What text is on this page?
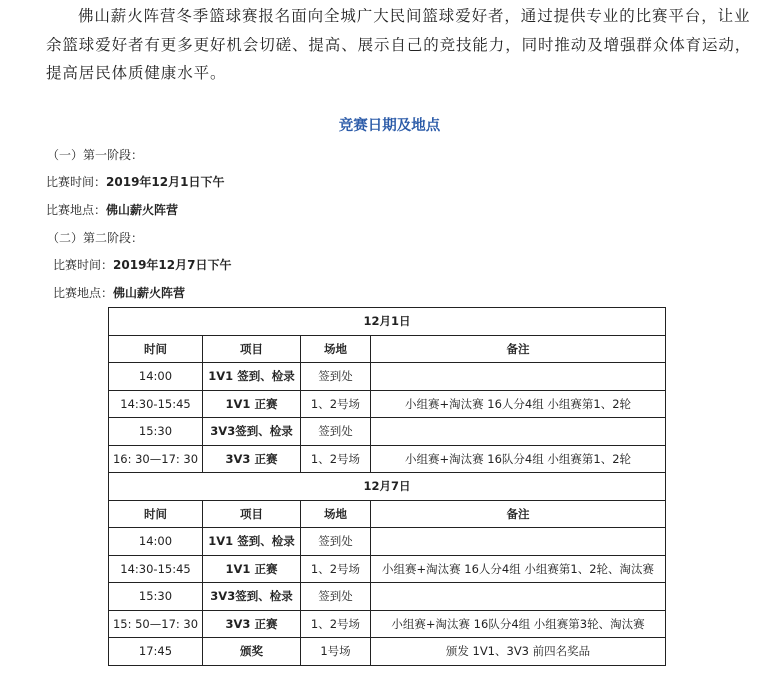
佛山薪火阵营冬季篮球赛报名面向全城广大民间篮球爱好者，通过提供专业的比赛平台，让业余篮球爱好者有更多更好机会切磋、提高、展示自己的竞技能力，同时推动及增强群众体育运动，提高居民体质健康水平。

竞赛日期及地点
（一）第一阶段：
比赛时间：2019年12月1日下午
比赛地点：佛山薪火阵营
（二）第二阶段：
比赛时间：2019年12月7日下午
比赛地点：佛山薪火阵营
12月1日			
时间	项目	场地	备注
14:00	1V1 签到、检录	签到处	
14:30-15:45	1V1 正赛	1、2号场	小组赛+淘汰赛 16人分4组 小组赛第1、2轮
15:30	3V3签到、检录	签到处	
16: 30—17: 30	3V3 正赛	1、2号场	小组赛+淘汰赛 16队分4组 小组赛第1、2轮
12月7日			
时间	项目	场地	备注
14:00	1V1 签到、检录	签到处	
14:30-15:45	1V1 正赛	1、2号场	小组赛+淘汰赛 16人分4组 小组赛第1、2轮、淘汰赛
15:30	3V3签到、检录	签到处	
15: 50—17: 30	3V3 正赛	1、2号场	小组赛+淘汰赛 16队分4组 小组赛第3轮、淘汰赛
17:45	颁奖	1号场	颁发 1V1、3V3 前四名奖品
